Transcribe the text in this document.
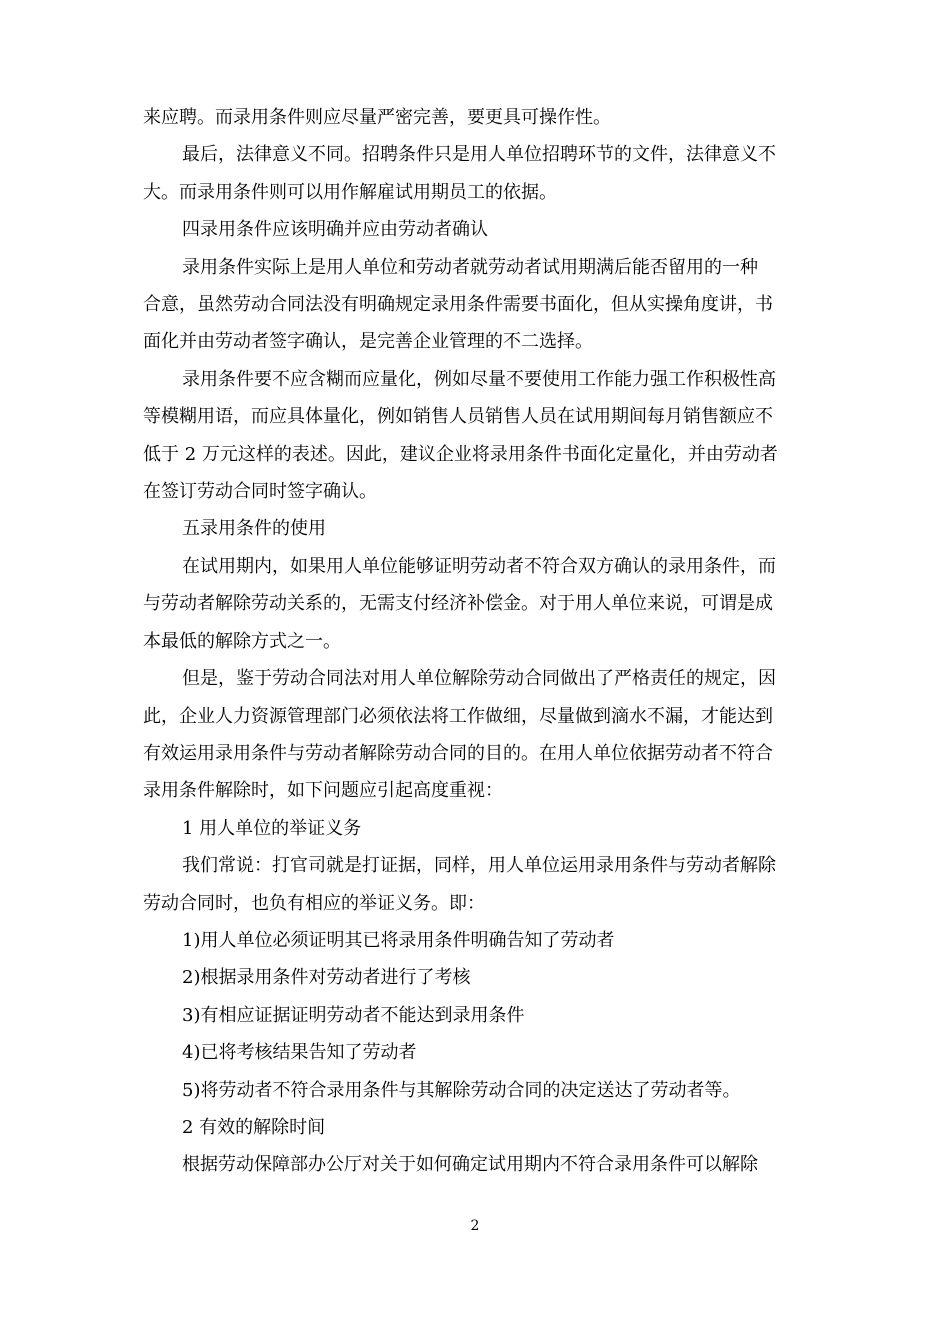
来应聘。而录用条件则应尽量严密完善，要更具可操作性。

最后，法律意义不同。招聘条件只是用人单位招聘环节的文件，法律意义不

大。而录用条件则可以用作解雇试用期员工的依据。

四录用条件应该明确并应由劳动者确认

录用条件实际上是用人单位和劳动者就劳动者试用期满后能否留用的一种

合意，虽然劳动合同法没有明确规定录用条件需要书面化，但从实操角度讲，书

面化并由劳动者签字确认，是完善企业管理的不二选择。

录用条件要不应含糊而应量化，例如尽量不要使用工作能力强工作积极性高

等模糊用语，而应具体量化，例如销售人员销售人员在试用期间每月销售额应不

低于 2 万元这样的表述。因此，建议企业将录用条件书面化定量化，并由劳动者

在签订劳动合同时签字确认。

五录用条件的使用

在试用期内，如果用人单位能够证明劳动者不符合双方确认的录用条件，而

与劳动者解除劳动关系的，无需支付经济补偿金。对于用人单位来说，可谓是成

本最低的解除方式之一。

但是，鉴于劳动合同法对用人单位解除劳动合同做出了严格责任的规定，因

此，企业人力资源管理部门必须依法将工作做细，尽量做到滴水不漏，才能达到

有效运用录用条件与劳动者解除劳动合同的目的。在用人单位依据劳动者不符合

录用条件解除时，如下问题应引起高度重视：

1 用人单位的举证义务

我们常说：打官司就是打证据，同样，用人单位运用录用条件与劳动者解除

劳动合同时，也负有相应的举证义务。即：

1)用人单位必须证明其已将录用条件明确告知了劳动者

2)根据录用条件对劳动者进行了考核

3)有相应证据证明劳动者不能达到录用条件

4)已将考核结果告知了劳动者

5)将劳动者不符合录用条件与其解除劳动合同的决定送达了劳动者等。

2 有效的解除时间

根据劳动保障部办公厅对关于如何确定试用期内不符合录用条件可以解除

2
